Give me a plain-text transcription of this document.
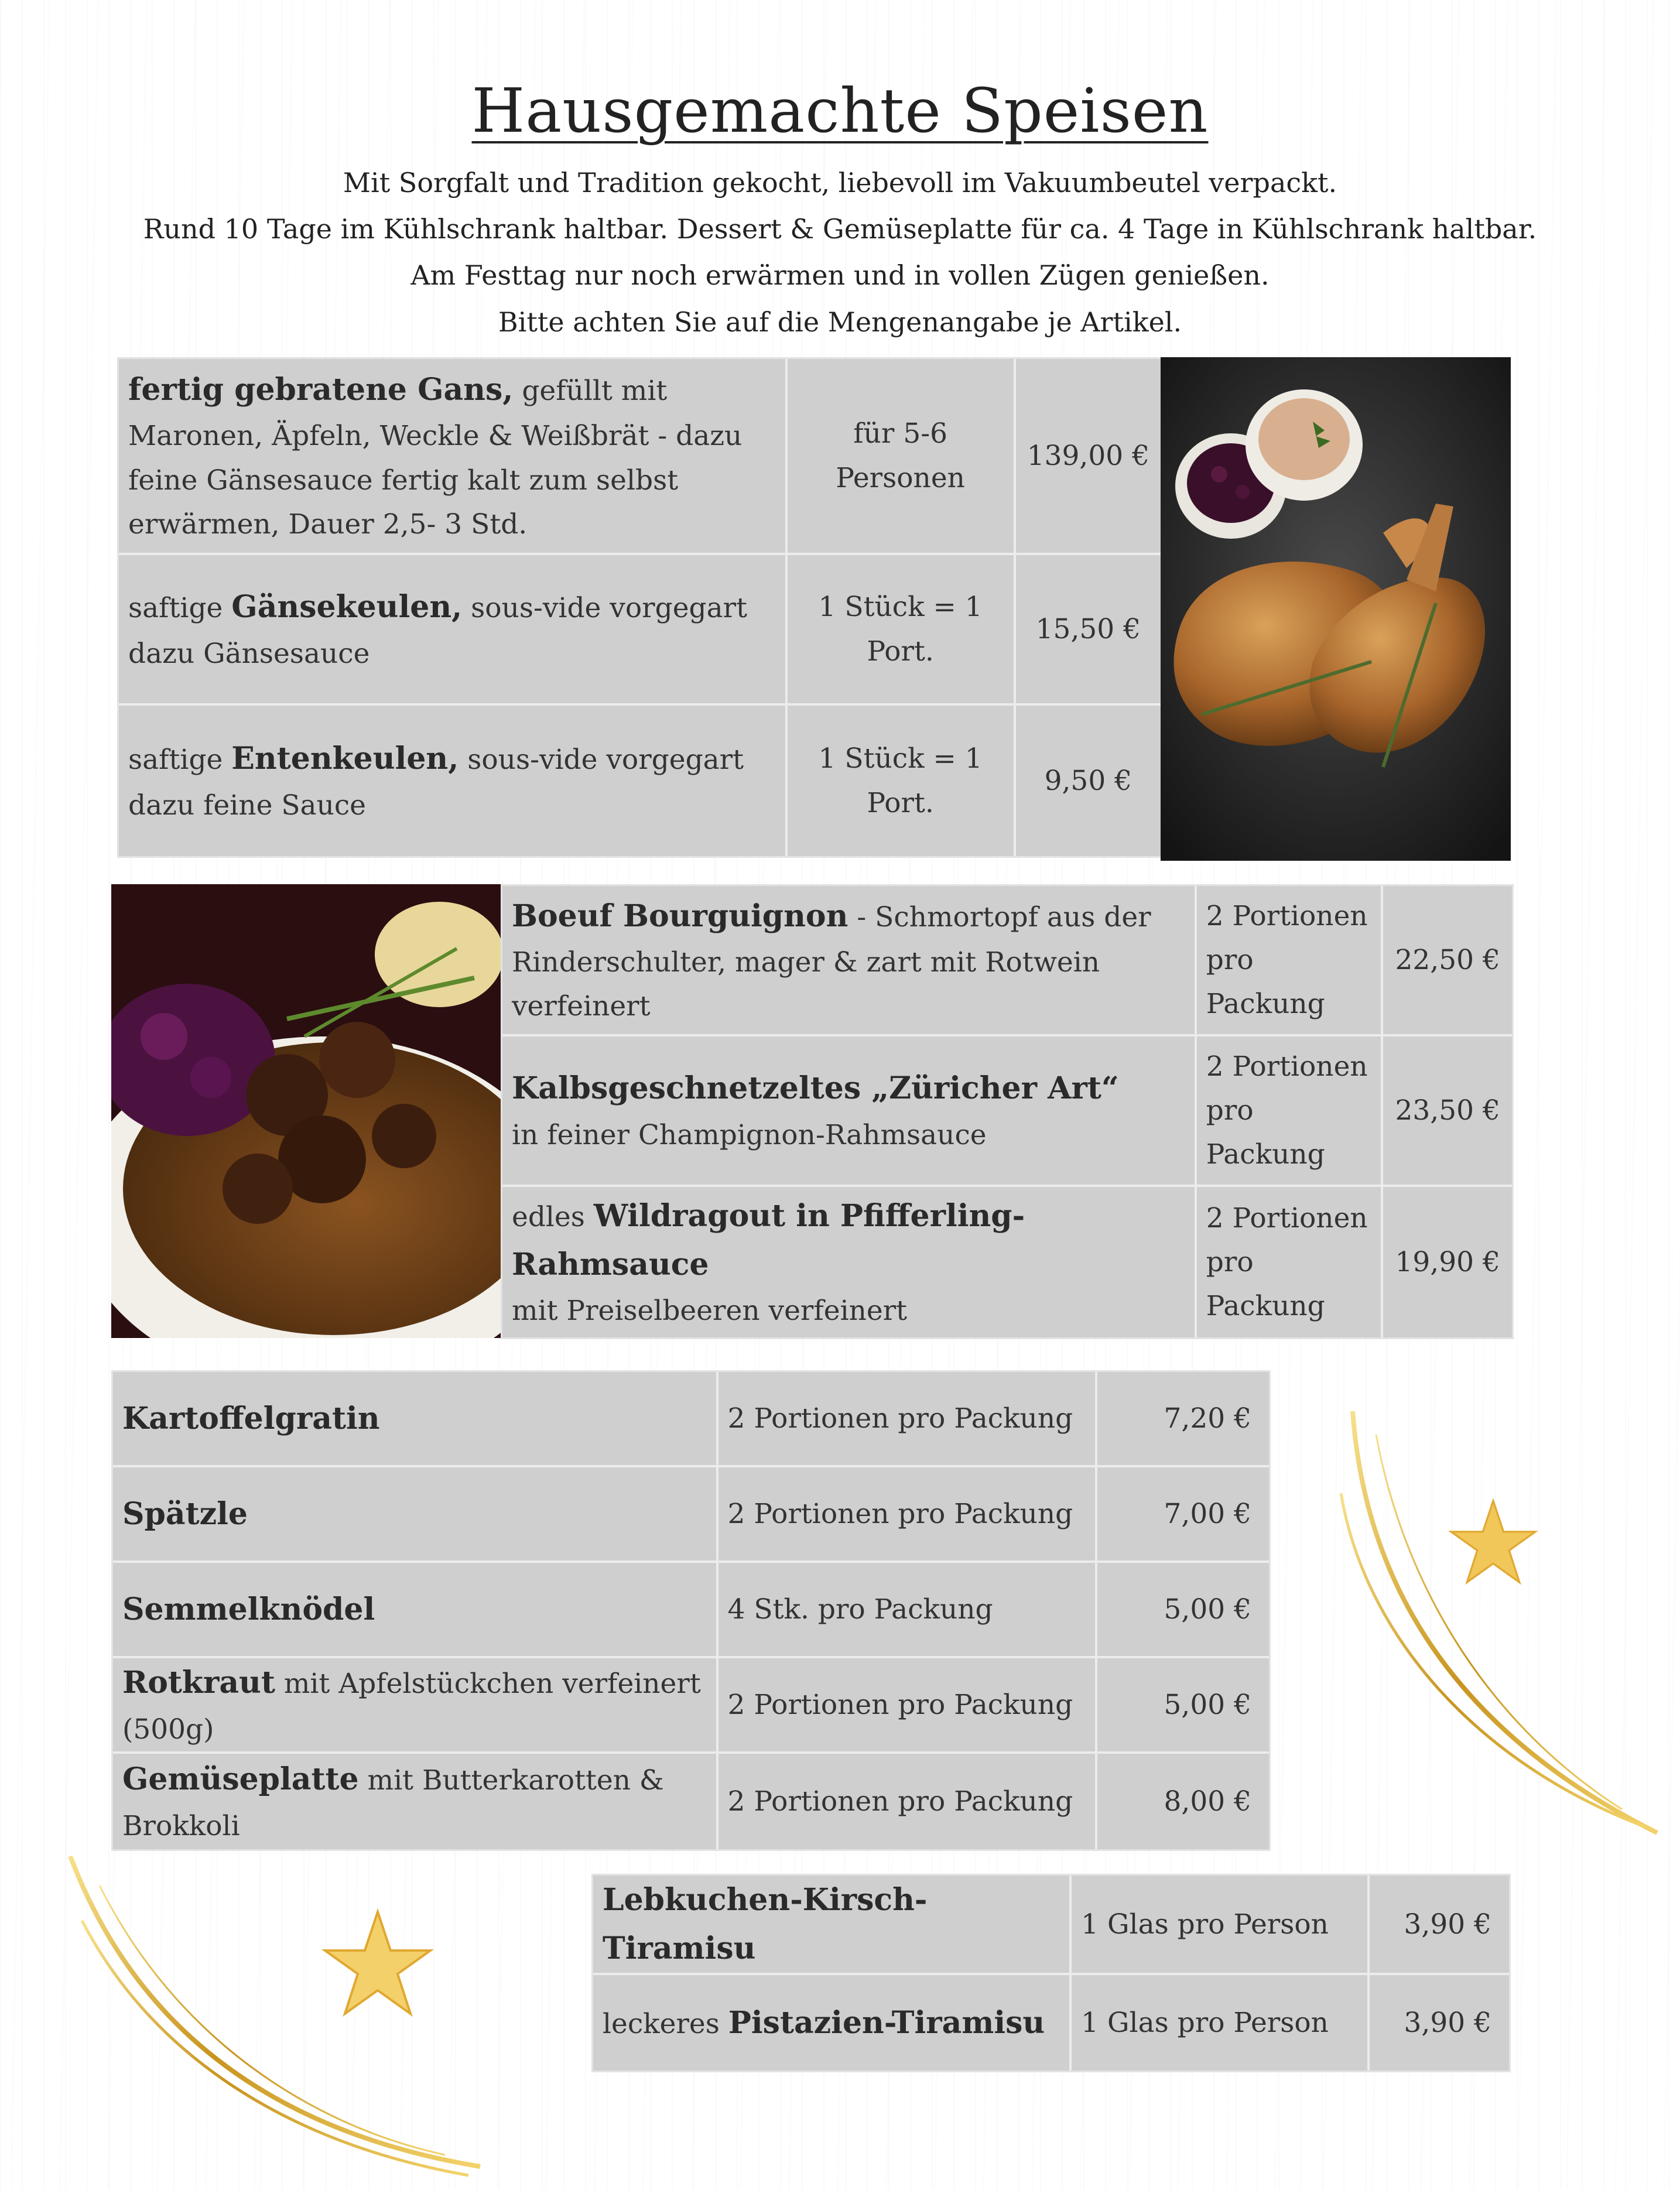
Hausgemachte Speisen
Mit Sorgfalt und Tradition gekocht, liebevoll im Vakuumbeutel verpackt.
Rund 10 Tage im Kühlschrank haltbar. Dessert & Gemüseplatte für ca. 4 Tage in Kühlschrank haltbar.
Am Festtag nur noch erwärmen und in vollen Zügen genießen.
Bitte achten Sie auf die Mengenangabe je Artikel.
fertig gebratene Gans, gefüllt mit Maronen, Äpfeln, Weckle & Weißbrät - dazu feine Gänsesauce fertig kalt zum selbst erwärmen, Dauer 2,5- 3 Std.	für 5-6 Personen	139,00 €
saftige Gänsekeulen, sous-vide vorgegart dazu Gänsesauce	1 Stück = 1 Port.	15,50 €
saftige Entenkeulen, sous-vide vorgegart dazu feine Sauce	1 Stück = 1 Port.	9,50 €
Boeuf Bourguignon - Schmortopf aus der Rinderschulter, mager & zart mit Rotwein verfeinert	2 Portionen pro Packung	22,50 €

Kalbsgeschnetzeltes „Züricher Art“
in feiner Champignon-Rahmsauce	2 Portionen pro Packung	23,50 €

edles Wildragout in Pfifferling-Rahmsauce
mit Preiselbeeren verfeinert	2 Portionen pro Packung	19,90 €
Kartoffelgratin	2 Portionen pro Packung	7,20 €
Spätzle	2 Portionen pro Packung	7,00 €
Semmelknödel	4 Stk. pro Packung	5,00 €
Rotkraut mit Apfelstückchen verfeinert (500g)	2 Portionen pro Packung	5,00 €
Gemüseplatte mit Butterkarotten & Brokkoli	2 Portionen pro Packung	8,00 €
Lebkuchen-Kirsch-Tiramisu	1 Glas pro Person	3,90 €
leckeres Pistazien-Tiramisu	1 Glas pro Person	3,90 €
